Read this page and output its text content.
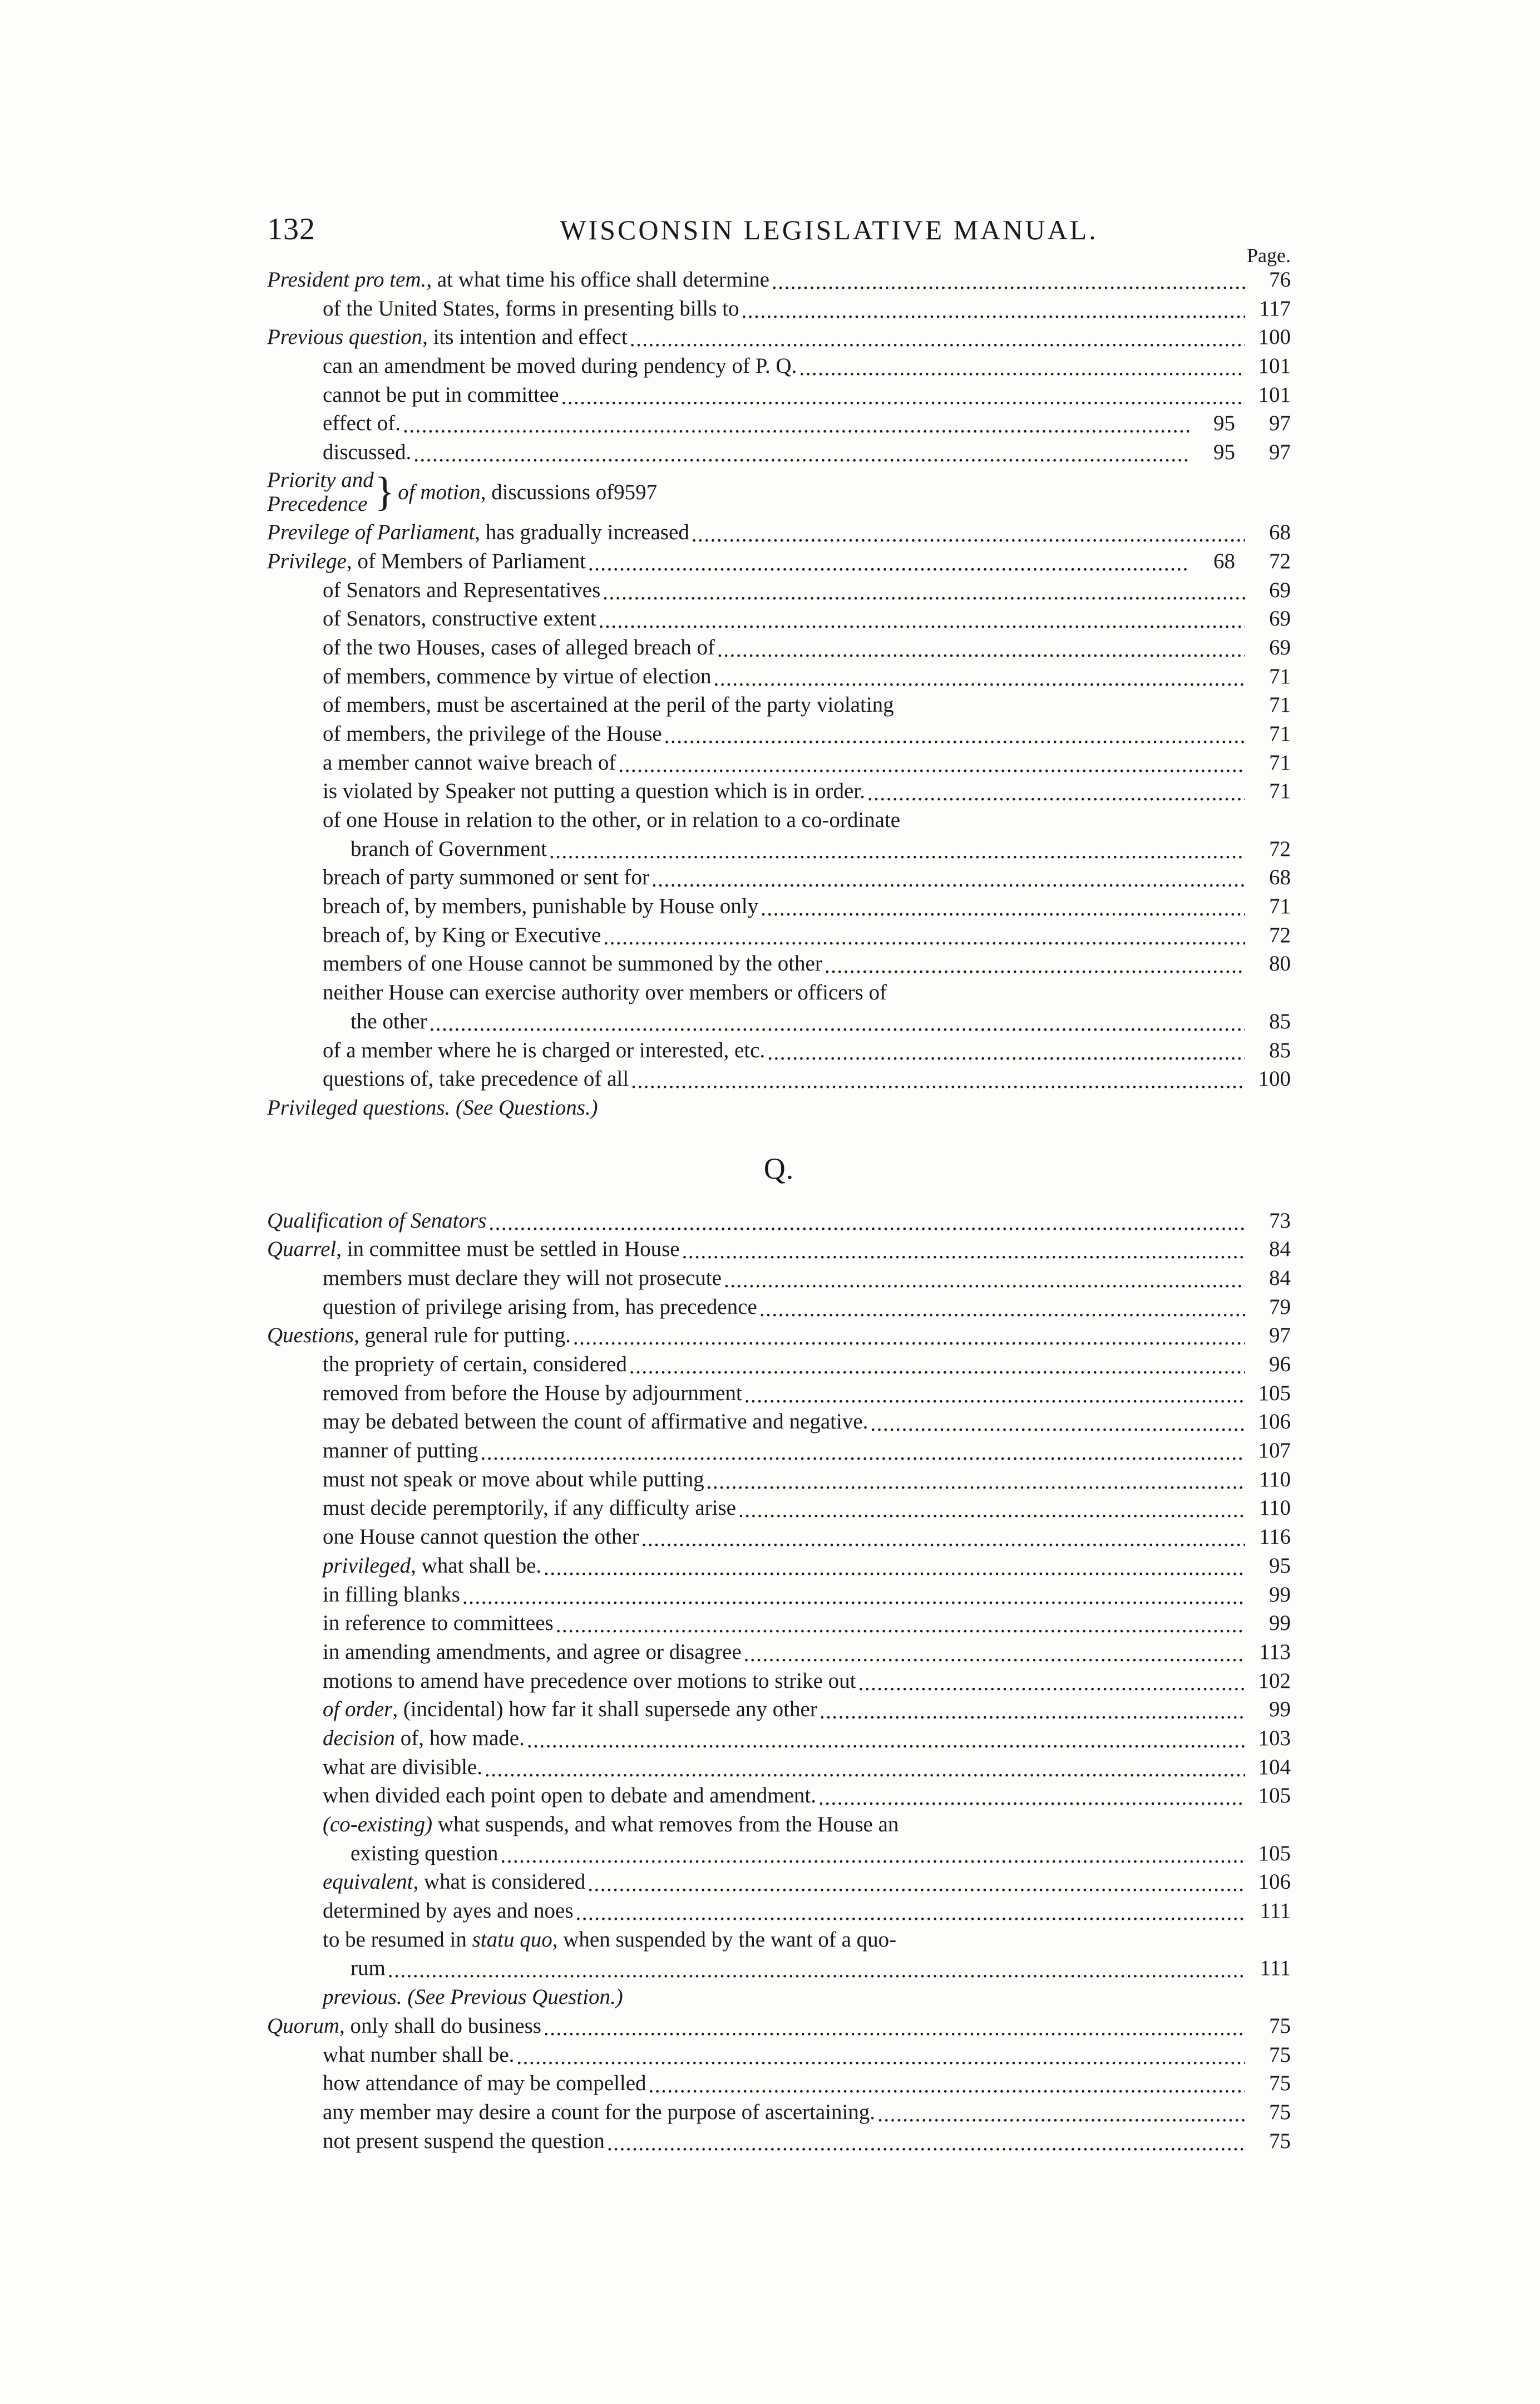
132	WISCONSIN LEGISLATIVE MANUAL.
Page.
President pro tem., at what time his office shall determine .....	76
of the United States, forms in presenting bills to .....	117
Previous question, its intention and effect .....	100
can an amendment be moved during pendency of P. Q. .....	101
cannot be put in committee .....	101
effect of. .....	95	97
discussed. .....	95	97
Priority and
Precedence } of motion, discussions of 95 97
Previlege of Parliament, has gradually increased .....	68
Privilege, of Members of Parliament .....	68	72
of Senators and Representatives .....	69
of Senators, constructive extent .....	69
of the two Houses, cases of alleged breach of .....	69
of members, commence by virtue of election .....	71
of members, must be ascertained at the peril of the party violating	71
of members, the privilege of the House .....	71
a member cannot waive breach of .....	71
is violated by Speaker not putting a question which is in order. .....	71
of one House in relation to the other, or in relation to a co-ordinate
branch of Government .....	72
breach of party summoned or sent for .....	68
breach of, by members, punishable by House only .....	71
breach of, by King or Executive .....	72
members of one House cannot be summoned by the other .....	80
neither House can exercise authority over members or officers of
the other .....	85
of a member where he is charged or interested, etc. .....	85
questions of, take precedence of all .....	100
Privileged questions. (See Questions.)
Q.
Qualification of Senators .....	73
Quarrel, in committee must be settled in House .....	84
members must declare they will not prosecute .....	84
question of privilege arising from, has precedence .....	79
Questions, general rule for putting. .....	97
the propriety of certain, considered .....	96
removed from before the House by adjournment .....	105
may be debated between the count of affirmative and negative. .....	106
manner of putting .....	107
must not speak or move about while putting .....	110
must decide peremptorily, if any difficulty arise .....	110
one House cannot question the other .....	116
privileged, what shall be. .....	95
in filling blanks .....	99
in reference to committees .....	99
in amending amendments, and agree or disagree .....	113
motions to amend have precedence over motions to strike out .....	102
of order, (incidental) how far it shall supersede any other .....	99
decision of, how made. .....	103
what are divisible. .....	104
when divided each point open to debate and amendment. .....	105
(co-existing) what suspends, and what removes from the House an
existing question .....	105
equivalent, what is considered .....	106
determined by ayes and noes .....	111
to be resumed in statu quo, when suspended by the want of a quo-
rum .....	111
previous. (See Previous Question.)
Quorum, only shall do business .....	75
what number shall be. .....	75
how attendance of may be compelled .....	75
any member may desire a count for the purpose of ascertaining. .....	75
not present suspend the question .....	75
